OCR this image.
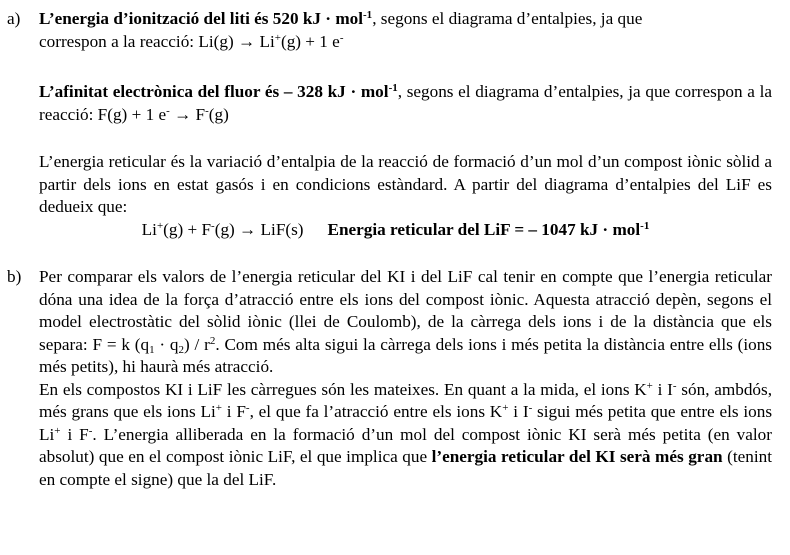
a) L’energia d’ionització del liti és 520 kJ · mol$^{-1}$, segons el diagrama d’entalpies, ja que

correspon a la reacció: Li(g) → Li+(g) + 1 e-

L’afinitat electrònica del fluor és – 328 kJ · mol$^{-1}$, segons el diagrama d’entalpies, ja que correspon a la reacció: F(g) + 1 e- → F-(g)

L’energia reticular és la variació d’entalpia de la reacció de formació d’un mol d’un compost iònic sòlid a partir dels ions en estat gasós i en condicions estàndard. A partir del diagrama d’entalpies del LiF es dedueix que:

Li+(g) + F-(g) → LiF(s) Energia reticular del LiF = – 1047 kJ · mol$^{-1}$

b) Per comparar els valors de l’energia reticular del KI i del LiF cal tenir en compte que l’energia reticular dóna una idea de la força d’atracció entre els ions del compost iònic. Aquesta atracció depèn, segons el model electrostàtic del sòlid iònic (llei de Coulomb), de la càrrega dels ions i de la distància que els separa: F = k $(q_1 \cdot q_2) / r^2$. Com més alta sigui la càrrega dels ions i més petita la distància entre ells (ions més petits), hi haurà més atracció.

En els compostos KI i LiF les càrregues són les mateixes. En quant a la mida, el ions K+ i I- són, ambdós, més grans que els ions Li+ i F-, el que fa l’atracció entre els ions K+ i I- sigui més petita que entre els ions Li+ i F-. L’energia alliberada en la formació d’un mol del compost iònic KI serà més petita (en valor absolut) que en el compost iònic LiF, el que implica que l’energia reticular del KI serà més gran (tenint en compte el signe) que la del LiF.
